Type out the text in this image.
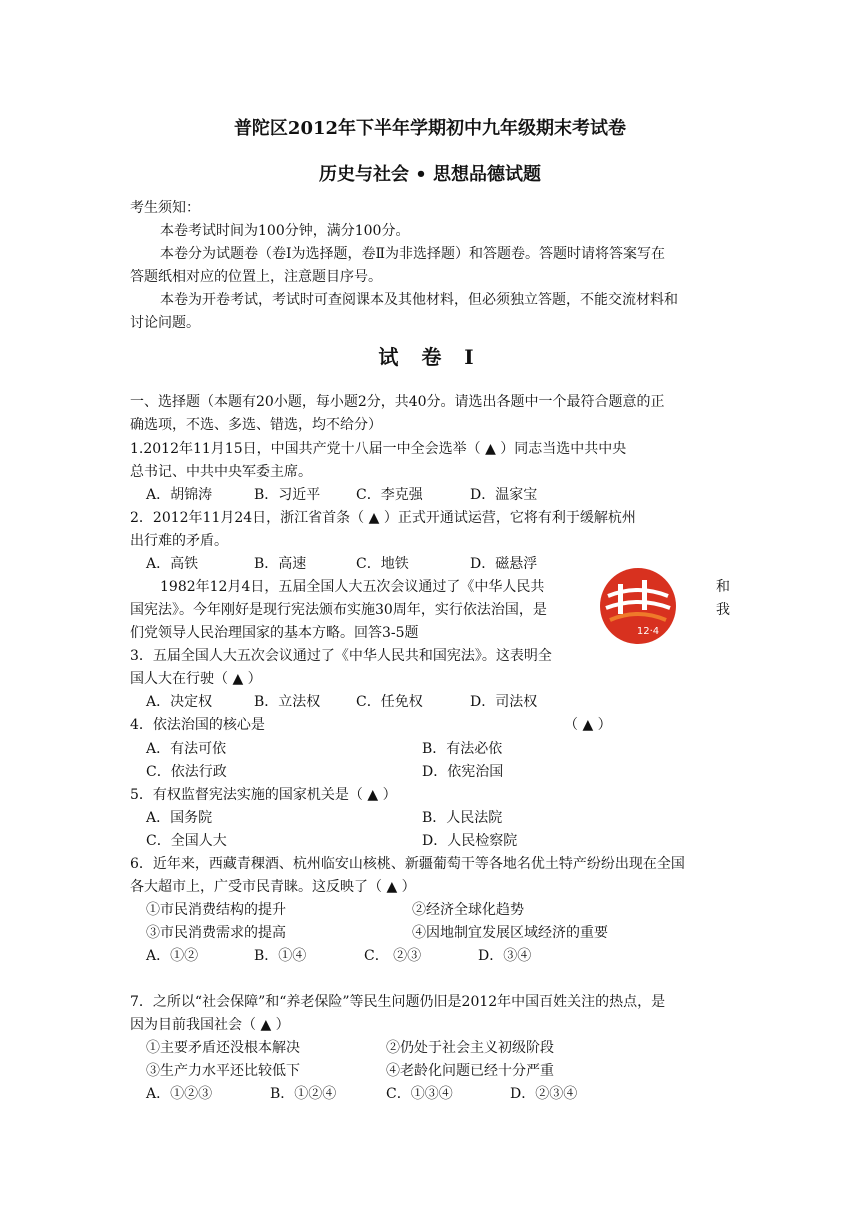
普陀区2012年下半年学期初中九年级期末考试卷
历史与社会 • 思想品德试题
考生须知：
本卷考试时间为100分钟，满分100分。
本卷分为试题卷（卷Ⅰ为选择题，卷Ⅱ为非选择题）和答题卷。答题时请将答案写在
答题纸相对应的位置上，注意题目序号。
本卷为开卷考试，考试时可查阅课本及其他材料，但必须独立答题，不能交流材料和
讨论问题。
试 卷 Ⅰ
一、选择题（本题有20小题，每小题2分，共40分。请选出各题中一个最符合题意的正
确选项，不选、多选、错选，均不给分）
1.2012年11月15日，中国共产党十八届一中全会选举（ ▲ ）同志当选中共中央
总书记、中共中央军委主席。
A．胡锦涛	B．习近平	C．李克强	D．温家宝
2．2012年11月24日，浙江省首条（ ▲ ）正式开通试运营，它将有利于缓解杭州
出行难的矛盾。
A．高铁	B．高速	C．地铁	D．磁悬浮
1982年12月4日，五届全国人大五次会议通过了《中华人民共	和
国宪法》。今年刚好是现行宪法颁布实施30周年，实行依法治国，是	我
们党领导人民治理国家的基本方略。回答3-5题	12·4
3．五届全国人大五次会议通过了《中华人民共和国宪法》。这表明全
国人大在行驶（ ▲ ）
A．决定权	B．立法权	C．任免权	D．司法权
4．依法治国的核心是	（ ▲ ）
A．有法可依	B．有法必依
C．依法行政	D．依宪治国
5．有权监督宪法实施的国家机关是（ ▲ ）
A．国务院	B．人民法院
C．全国人大	D．人民检察院
6．近年来，西藏青稞酒、杭州临安山核桃、新疆葡萄干等各地名优土特产纷纷出现在全国
各大超市上，广受市民青睐。这反映了（ ▲ ）
①市民消费结构的提升	②经济全球化趋势
③市民消费需求的提高	④因地制宜发展区域经济的重要
A．①②	B．①④	C． ②③	D．③④
7．之所以“社会保障”和“养老保险”等民生问题仍旧是2012年中国百姓关注的热点，是
因为目前我国社会（ ▲ ）
①主要矛盾还没根本解决	②仍处于社会主义初级阶段
③生产力水平还比较低下	④老龄化问题已经十分严重
A．①②③	B．①②④	C．①③④	D．②③④
